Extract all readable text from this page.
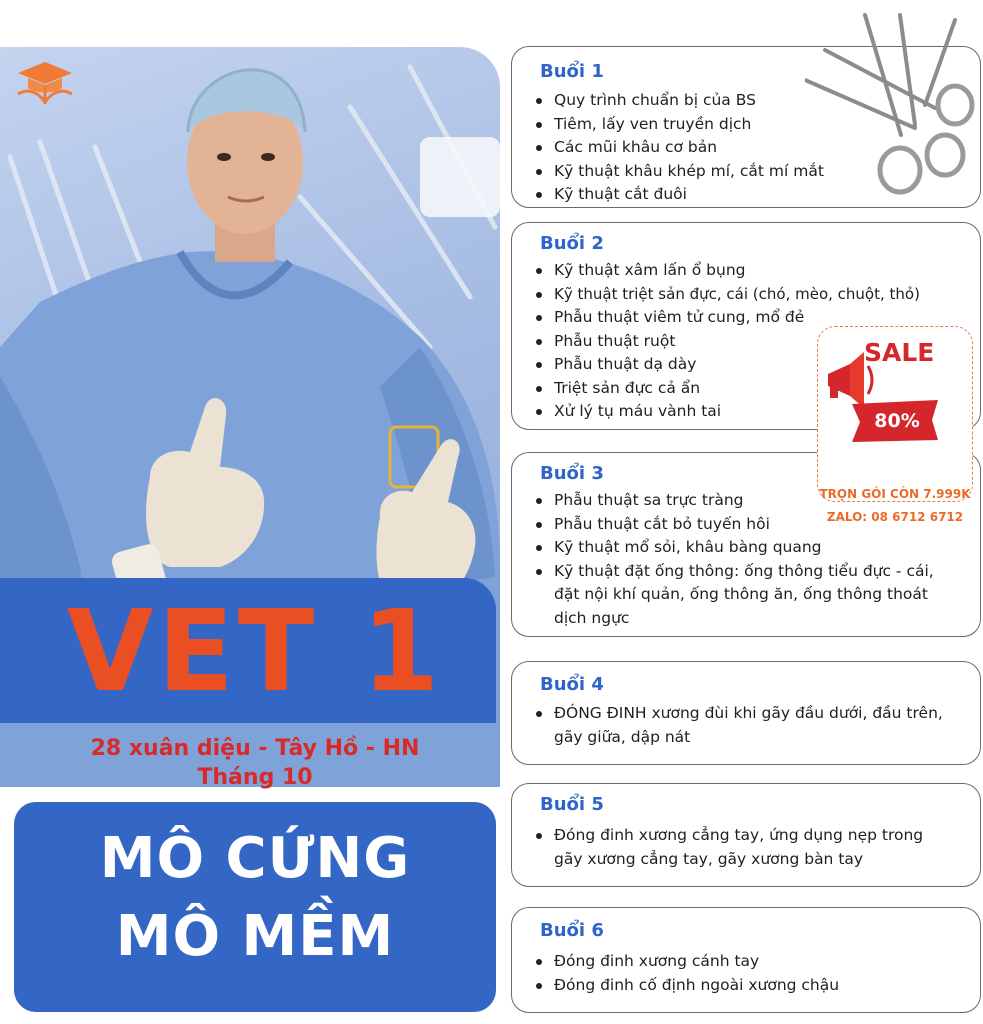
VET 1
28 xuân diệu - Tây Hồ - HN
Tháng 10
MÔ CỨNG
MÔ MỀM
Buổi 1
Quy trình chuẩn bị của BS
Tiêm, lấy ven truyền dịch
Các mũi khâu cơ bản
Kỹ thuật khâu khép mí, cắt mí mắt
Kỹ thuật cắt đuôi
Buổi 2
Kỹ thuật xâm lấn ổ bụng
Kỹ thuật triệt sản đực, cái (chó, mèo, chuột, thỏ)
Phẫu thuật viêm tử cung, mổ đẻ
Phẫu thuật ruột
Phẫu thuật dạ dày
Triệt sản đực cả ẩn
Xử lý tụ máu vành tai
Buổi 3
Phẫu thuật sa trực tràng
Phẫu thuật cắt bỏ tuyến hôi
Kỹ thuật mổ sỏi, khâu bàng quang
Kỹ thuật đặt ống thông: ống thông tiểu đực - cái, đặt nội khí quản, ống thông ăn, ống thông thoát dịch ngực
Buổi 4
ĐÓNG ĐINH xương đùi khi gãy đầu dưới, đầu trên, gãy giữa, dập nát
Buổi 5
Đóng đinh xương cẳng tay, ứng dụng nẹp trong gãy xương cẳng tay, gãy xương bàn tay
Buổi 6
Đóng đinh xương cánh tay
Đóng đinh cố định ngoài xương chậu
SALE
80%
TRỌN GÓI CÒN 7.999K
ZALO: 08 6712 6712
